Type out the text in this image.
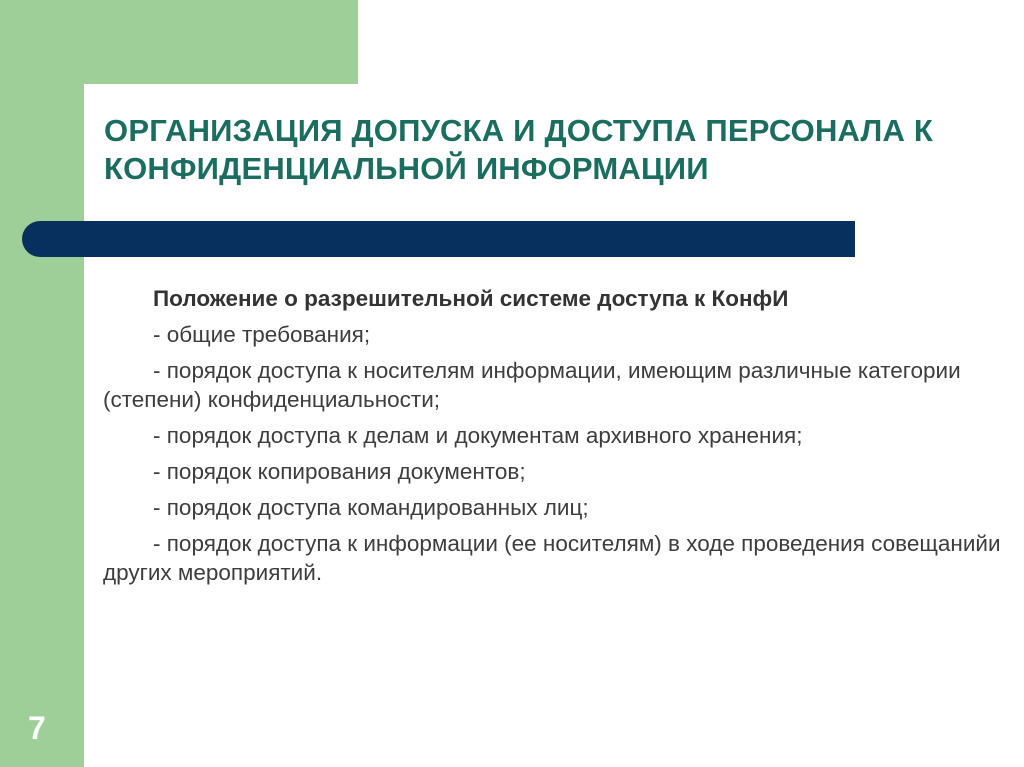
ОРГАНИЗАЦИЯ ДОПУСКА И ДОСТУПА ПЕРСОНАЛА К
КОНФИДЕНЦИАЛЬНОЙ ИНФОРМАЦИИ

Положение о разрешительной системе доступа к КонфИ

- общие требования;

- порядок доступа к носителям информации, имеющим различные категории (степени) конфиденциальности;

- порядок доступа к делам и документам архивного хранения;

- порядок копирования документов;

- порядок доступа командированных лиц;

- порядок доступа к информации (ее носителям) в ходе проведения совещанийи других мероприятий.

7
